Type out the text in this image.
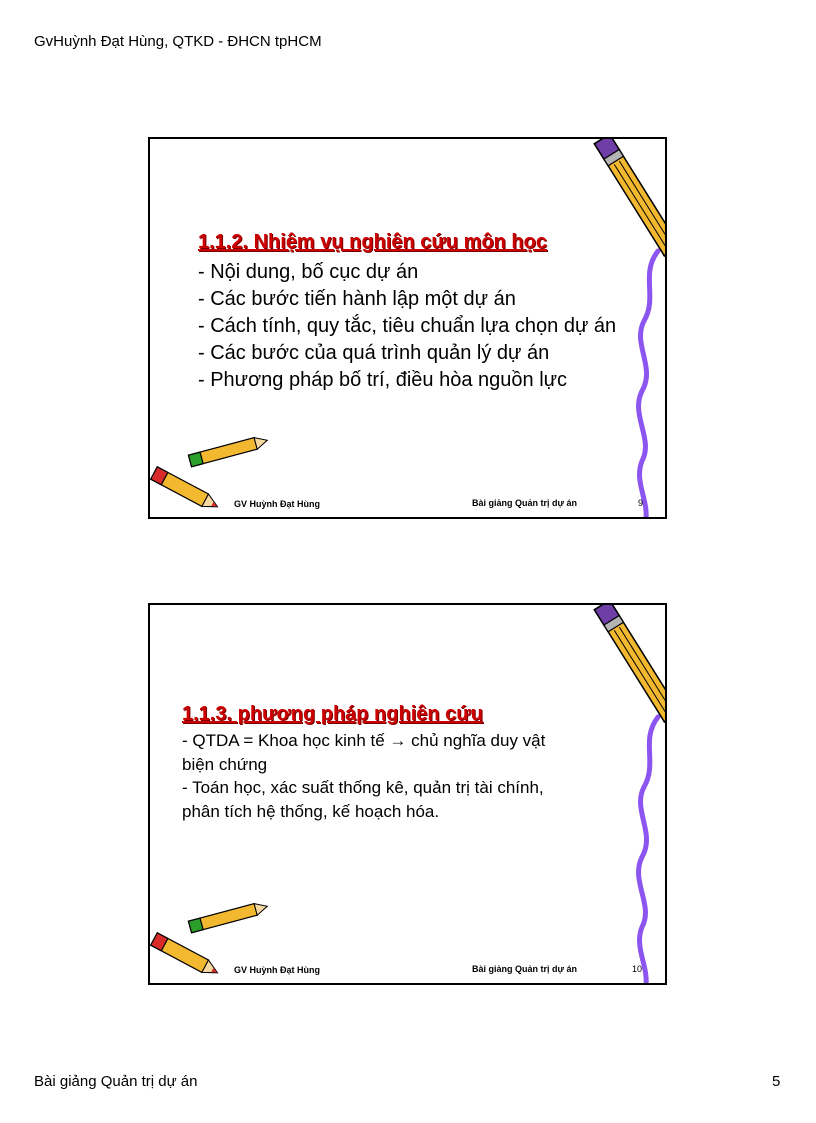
GvHuỳnh Đạt Hùng, QTKD - ĐHCN tpHCM
1.1.2. Nhiệm vụ nghiên cứu môn học
- Nội dung, bố cục dự án
- Các bước tiến hành lập một dự án
- Cách tính, quy tắc, tiêu chuẩn lựa chọn dự án
- Các bước của quá trình quản lý dự án
- Phương pháp bố trí, điều hòa nguồn lực
GV Huỳnh Đạt Hùng	Bài giảng Quản trị dự án	9
1.1.3. phương pháp nghiên cứu
- QTDA = Khoa học kinh tế → chủ nghĩa duy vật
biện chứng
- Toán học, xác suất thống kê, quản trị tài chính,
phân tích hệ thống, kế hoạch hóa.
GV Huỳnh Đạt Hùng	Bài giảng Quản trị dự án	10
Bài giảng Quản trị dự án	5
